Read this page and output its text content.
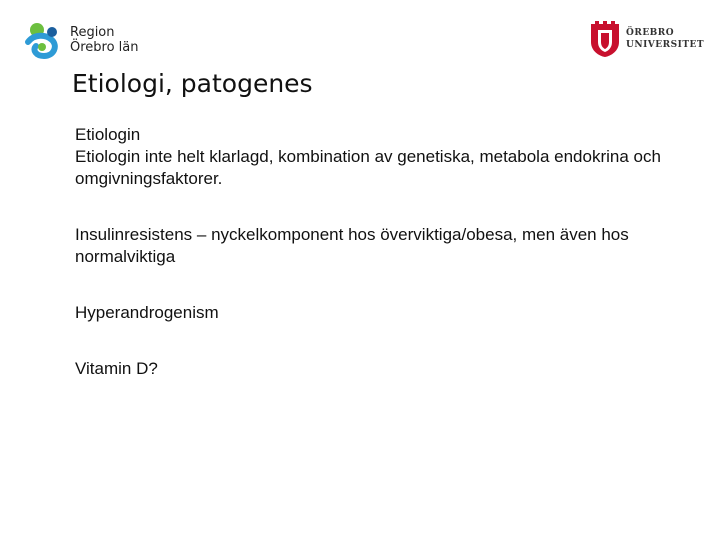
Region
Örebro län
ÖREBRO
UNIVERSITET
Etiologi, patogenes

Etiologin

Etiologin inte helt klarlagd, kombination av genetiska, metabola endokrina och omgivningsfaktorer.

Insulinresistens – nyckelkomponent hos överviktiga/obesa, men även hos normalviktiga

Hyperandrogenism

Vitamin D?
